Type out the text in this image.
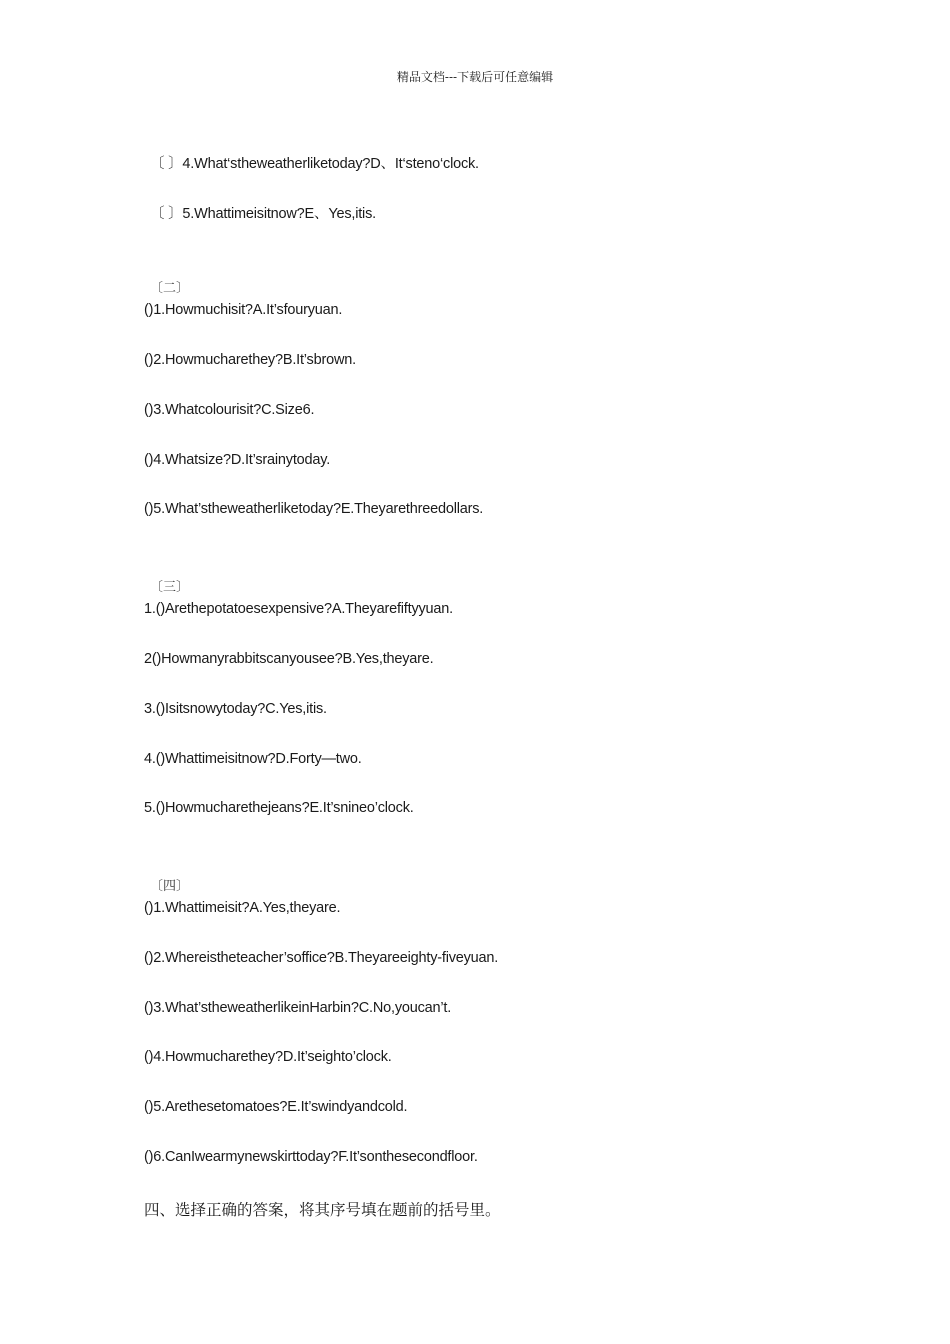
精品文档---下载后可任意编辑
〔 〕4.What‘stheweatherliketoday?D、It‘steno‘clock.
〔 〕5.Whattimeisitnow?E、Yes,itis.
〔二〕
()1.Howmuchisit?A.It’sfouryuan.
()2.Howmucharethey?B.It’sbrown.
()3.Whatcolourisit?C.Size6.
()4.Whatsize?D.It’srainytoday.
()5.What’stheweatherliketoday?E.Theyarethreedollars.
〔三〕
1.()Arethepotatoesexpensive?A.Theyarefiftyyuan.
2()Howmanyrabbitscanyousee?B.Yes,theyare.
3.()Isitsnowytoday?C.Yes,itis.
4.()Whattimeisitnow?D.Forty—two.
5.()Howmucharethejeans?E.It’snineo’clock.
〔四〕
()1.Whattimeisit?A.Yes,theyare.
()2.Whereistheteacher’soffice?B.Theyareeighty-fiveyuan.
()3.What’stheweatherlikeinHarbin?C.No,youcan’t.
()4.Howmucharethey?D.It’seighto’clock.
()5.Arethesetomatoes?E.It’swindyandcold.
()6.CanIwearmynewskirttoday?F.It’sonthesecondfloor.
四、选择正确的答案，将其序号填在题前的括号里。
